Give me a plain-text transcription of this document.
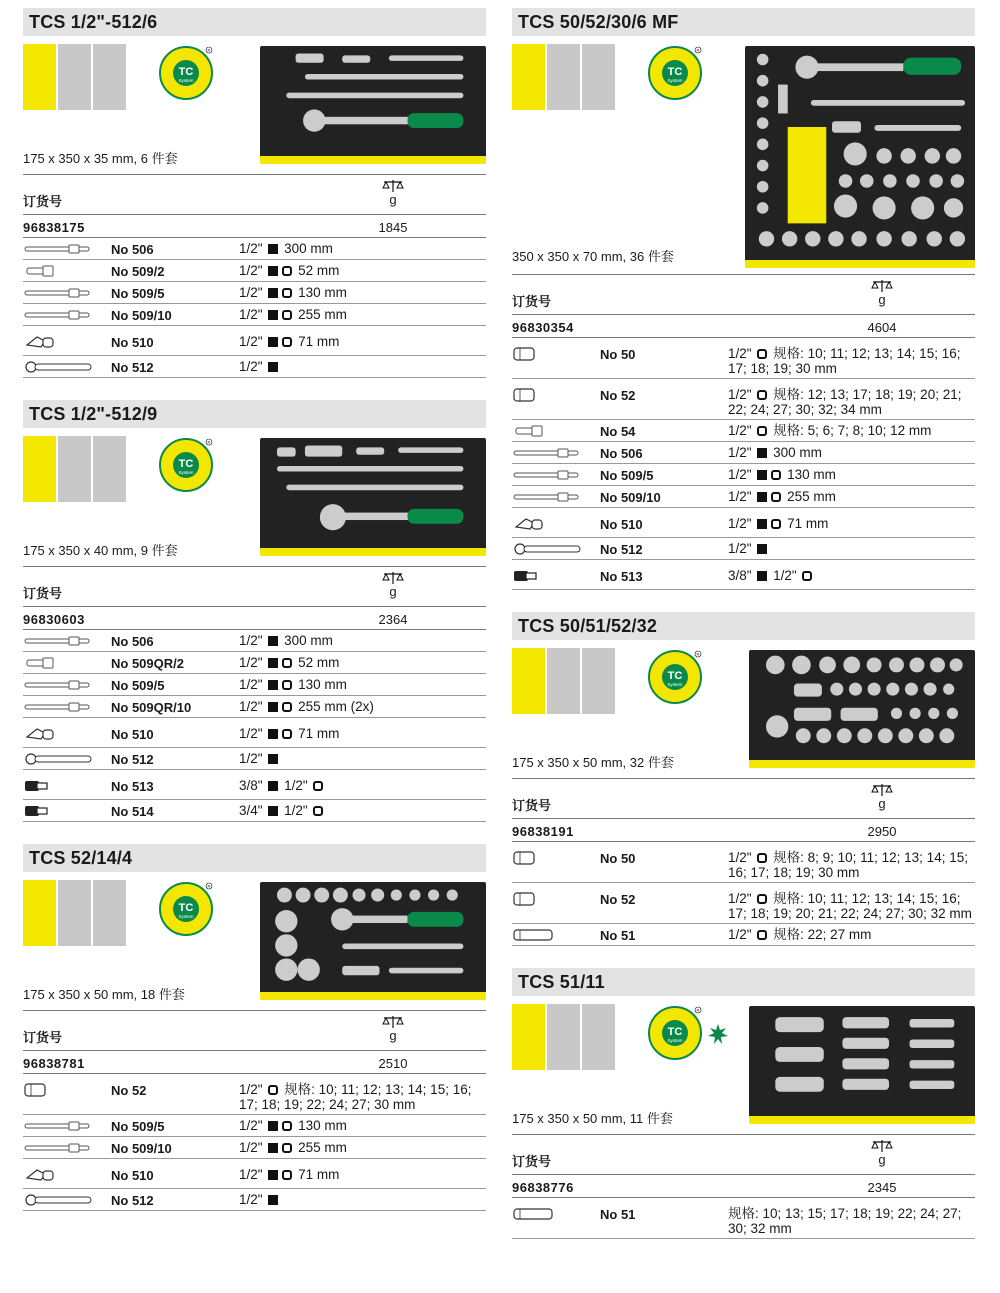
TCS 1/2"-512/6
175 x 350 x 35 mm, 6 件套
订货号	g
96838175	1845
No 506	1/2" 300 mm
No 509/2	1/2"	52 mm
No 509/5	1/2"	130 mm
No 509/10	1/2"	255 mm
No 510	1/2"	71 mm
No 512	1/2"
TCS 1/2"-512/9
175 x 350 x 40 mm, 9 件套
订货号	g
96830603	2364
No 506	1/2" 300 mm
No 509QR/2	1/2"	52 mm
No 509/5	1/2"	130 mm
No 509QR/10	1/2"	255 mm (2x)
No 510	1/2"	71 mm
No 512	1/2"
No 513	3/8" 1/2"
No 514	3/4" 1/2"
TCS 52/14/4
175 x 350 x 50 mm, 18 件套
订货号	g
96838781	2510
No 52	1/2" 规格: 10; 11; 12; 13; 14; 15; 16; 17; 18; 19; 22; 24; 27; 30 mm
No 509/5	1/2"	130 mm
No 509/10	1/2"	255 mm
No 510	1/2"	71 mm
No 512	1/2"
TCS 50/52/30/6 MF
350 x 350 x 70 mm, 36 件套
订货号	g
96830354	4604
No 50	1/2" 规格: 10; 11; 12; 13; 14; 15; 16; 17; 18; 19; 30 mm
No 52	1/2" 规格: 12; 13; 17; 18; 19; 20; 21; 22; 24; 27; 30; 32; 34 mm
No 54	1/2" 规格: 5; 6; 7; 8; 10; 12 mm
No 506	1/2" 300 mm
No 509/5	1/2"	130 mm
No 509/10	1/2"	255 mm
No 510	1/2"	71 mm
No 512	1/2"
No 513	3/8" 1/2"
TCS 50/51/52/32
175 x 350 x 50 mm, 32 件套
订货号	g
96838191	2950
No 50	1/2" 规格: 8; 9; 10; 11; 12; 13; 14; 15; 16; 17; 18; 19; 30 mm
No 52	1/2" 规格: 10; 11; 12; 13; 14; 15; 16; 17; 18; 19; 20; 21; 22; 24; 27; 30; 32 mm
No 51	1/2" 规格: 22; 27 mm
TCS 51/11
175 x 350 x 50 mm, 11 件套
订货号	g
96838776	2345
No 51	规格: 10; 13; 15; 17; 18; 19; 22; 24; 27; 30; 32 mm
